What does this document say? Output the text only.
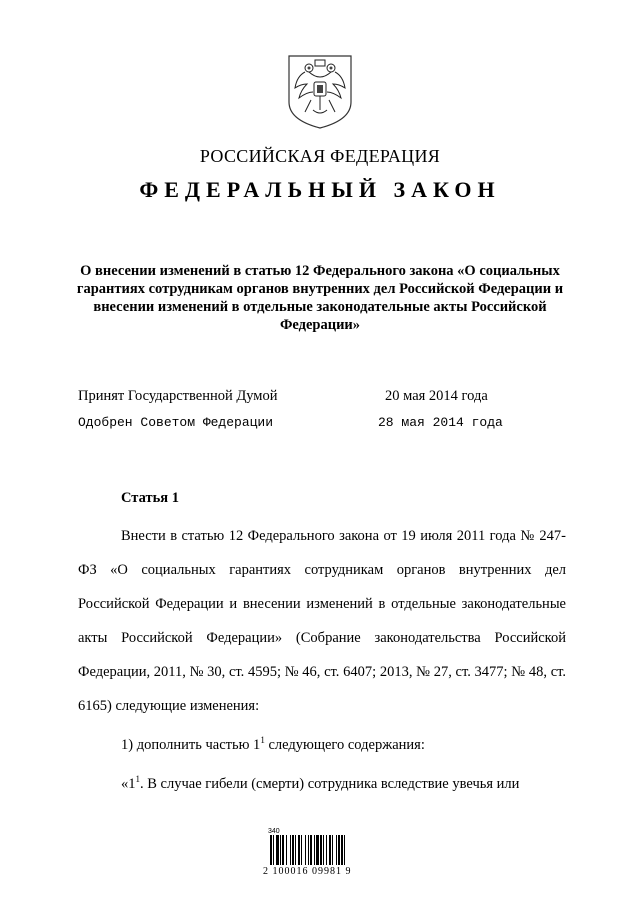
РОССИЙСКАЯ ФЕДЕРАЦИЯ
ФЕДЕРАЛЬНЫЙ ЗАКОН
О внесении изменений в статью 12 Федерального закона «О социальных гарантиях сотрудникам органов внутренних дел Российской Федерации и внесении изменений в отдельные законодательные акты Российской Федерации»
Принят Государственной Думой	20 мая 2014 года
Одобрен Советом Федерации	28 мая 2014 года
Статья 1

Внести в статью 12 Федерального закона от 19 июля 2011 года № 247-ФЗ «О социальных гарантиях сотрудникам органов внутренних дел Российской Федерации и внесении изменений в отдельные законодательные акты Российской Федерации» (Собрание законодательства Российской Федерации, 2011, № 30, ст. 4595; № 46, ст. 6407; 2013, № 27, ст. 3477; № 48, ст. 6165) следующие изменения:

1) дополнить частью $1^1$ следующего содержания:

«$1^1$. В случае гибели (смерти) сотрудника вследствие увечья или

340
2 100016 09981 9
